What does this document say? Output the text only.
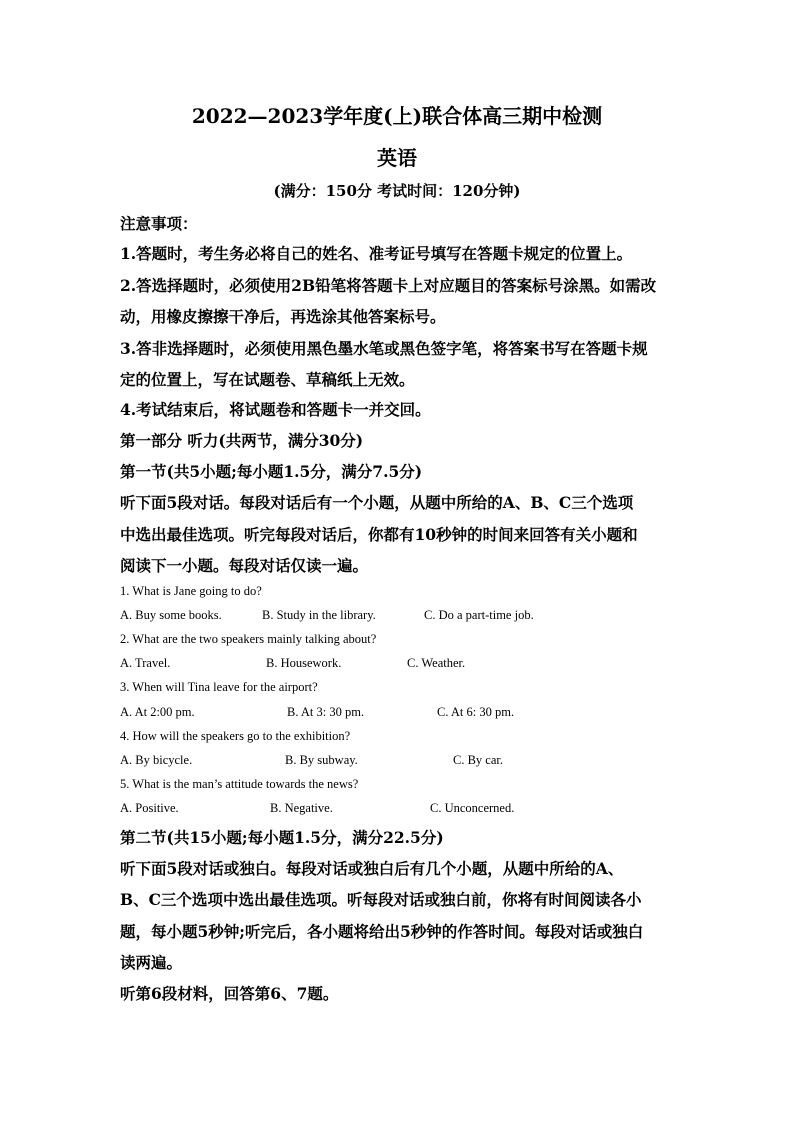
2022—2023学年度(上)联合体高三期中检测
英语
(满分：150分 考试时间：120分钟)
注意事项：
1.答题时，考生务必将自己的姓名、准考证号填写在答题卡规定的位置上。
2.答选择题时，必须使用2B铅笔将答题卡上对应题目的答案标号涂黑。如需改
动，用橡皮擦擦干净后，再选涂其他答案标号。
3.答非选择题时，必须使用黑色墨水笔或黑色签字笔，将答案书写在答题卡规
定的位置上，写在试题卷、草稿纸上无效。
4.考试结束后，将试题卷和答题卡一并交回。
第一部分 听力(共两节，满分30分)
第一节(共5小题;每小题1.5分，满分7.5分)
听下面5段对话。每段对话后有一个小题，从题中所给的A、B、C三个选项
中选出最佳选项。听完每段对话后，你都有10秒钟的时间来回答有关小题和
阅读下一小题。每段对话仅读一遍。
1. What is Jane going to do?
A. Buy some books.	B. Study in the library.	C. Do a part-time job.
2. What are the two speakers mainly talking about?
A. Travel.	B. Housework.	C. Weather.
3. When will Tina leave for the airport?
A. At 2:00 pm.	B. At 3: 30 pm.	C. At 6: 30 pm.
4. How will the speakers go to the exhibition?
A. By bicycle.	B. By subway.	C. By car.
5. What is the man’s attitude towards the news?
A. Positive.	B. Negative.	C. Unconcerned.
第二节(共15小题;每小题1.5分，满分22.5分)
听下面5段对话或独白。每段对话或独白后有几个小题，从题中所给的A、
B、C三个选项中选出最佳选项。听每段对话或独白前，你将有时间阅读各小
题，每小题5秒钟;听完后，各小题将给出5秒钟的作答时间。每段对话或独白
读两遍。
听第6段材料，回答第6、7题。
